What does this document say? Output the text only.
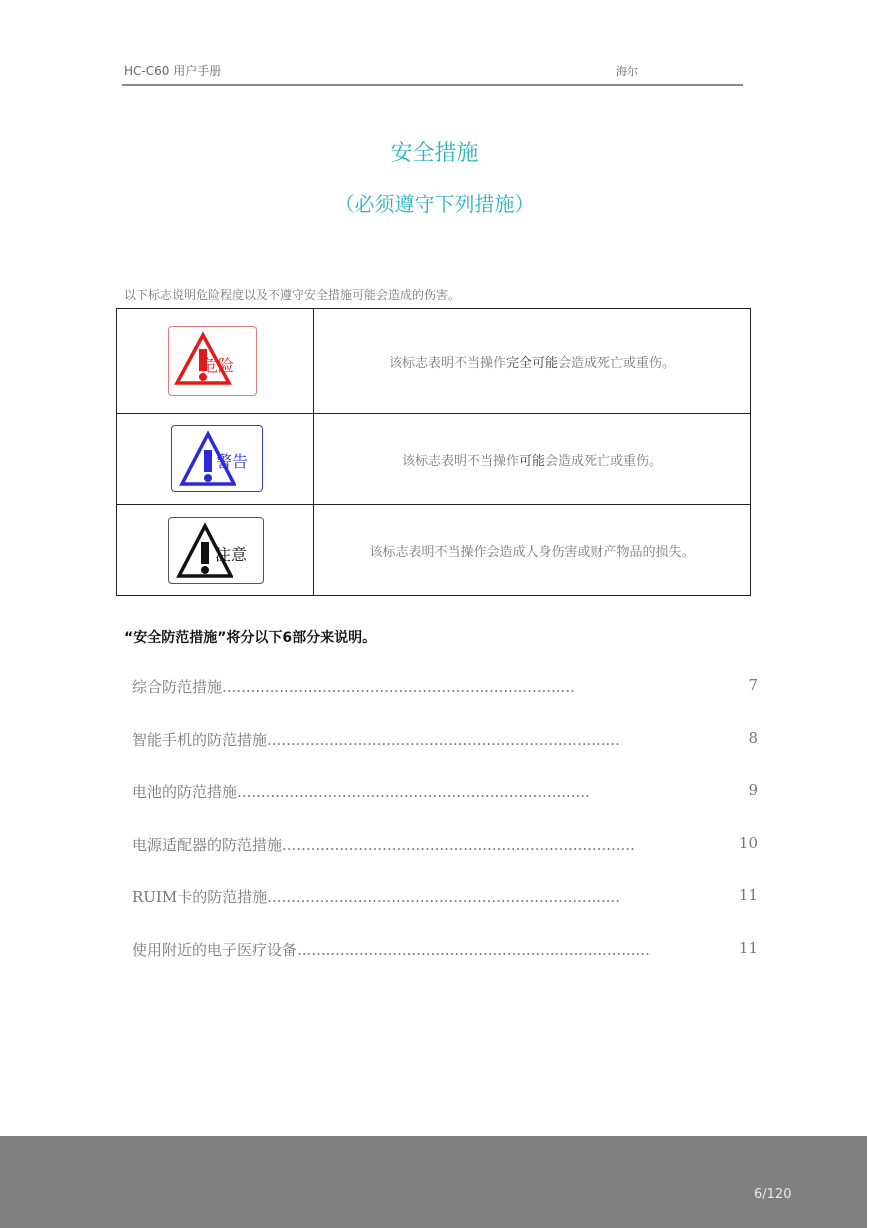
HC-C60 用户手册	海尔
安全措施
（必须遵守下列措施）
以下标志说明危险程度以及不遵守安全措施可能会造成的伤害。
危险	该标志表明不当操作完全可能会造成死亡或重伤。

警告	该标志表明不当操作可能会造成死亡或重伤。

注意	该标志表明不当操作会造成人身伤害或财产物品的损失。
“安全防范措施”将分以下6部分来说明。
综合防范措施..........................................................................	7
智能手机的防范措施..........................................................................	8
电池的防范措施..........................................................................	9
电源适配器的防范措施..........................................................................	10
RUIM卡的防范措施..........................................................................	11
使用附近的电子医疗设备..........................................................................	11
6/120
